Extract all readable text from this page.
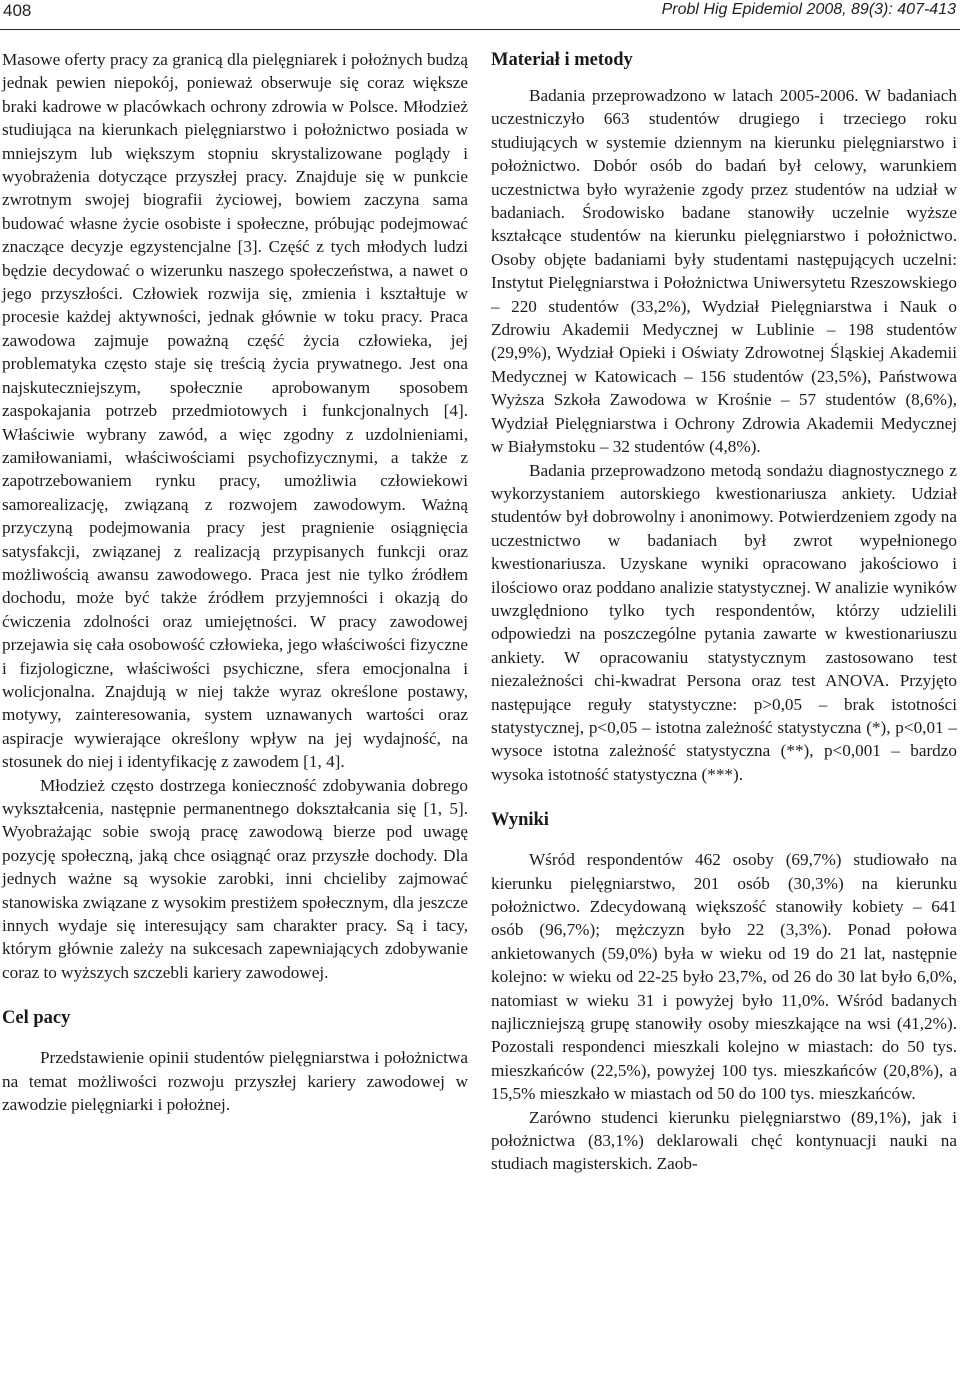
408	Probl Hig Epidemiol 2008, 89(3): 407-413

Masowe oferty pracy za granicą dla pielęgniarek i położnych budzą jednak pewien niepokój, ponieważ obserwuje się coraz większe braki kadrowe w placówkach ochrony zdrowia w Polsce. Młodzież studiująca na kierunkach pielęgniarstwo i położnictwo posiada w mniejszym lub większym stopniu skrystalizowane poglądy i wyobrażenia dotyczące przyszłej pracy. Znajduje się w punkcie zwrotnym swojej biografii życiowej, bowiem zaczyna sama budować własne życie osobiste i społeczne, próbując podejmować znaczące decyzje egzystencjalne [3]. Część z tych młodych ludzi będzie decydować o wizerunku naszego społeczeństwa, a nawet o jego przyszłości. Człowiek rozwija się, zmienia i kształtuje w procesie każdej aktywności, jednak głównie w toku pracy. Praca zawodowa zajmuje poważną część życia człowieka, jej problematyka często staje się treścią życia prywatnego. Jest ona najskuteczniejszym, społecznie aprobowanym sposobem zaspokajania potrzeb przedmiotowych i funkcjonalnych [4]. Właściwie wybrany zawód, a więc zgodny z uzdolnieniami, zamiłowaniami, właściwościami psychofizycznymi, a także z zapotrzebowaniem rynku pracy, umożliwia człowiekowi samorealizację, związaną z rozwojem zawodowym. Ważną przyczyną podejmowania pracy jest pragnienie osiągnięcia satysfakcji, związanej z realizacją przypisanych funkcji oraz możliwością awansu zawodowego. Praca jest nie tylko źródłem dochodu, może być także źródłem przyjemności i okazją do ćwiczenia zdolności oraz umiejętności. W pracy zawodowej przejawia się cała osobowość człowieka, jego właściwości fizyczne i fizjologiczne, właściwości psychiczne, sfera emocjonalna i wolicjonalna. Znajdują w niej także wyraz określone postawy, motywy, zainteresowania, system uznawanych wartości oraz aspiracje wywierające określony wpływ na jej wydajność, na stosunek do niej i identyfikację z zawodem [1, 4].

Młodzież często dostrzega konieczność zdobywania dobrego wykształcenia, następnie permanentnego dokształcania się [1, 5]. Wyobrażając sobie swoją pracę zawodową bierze pod uwagę pozycję społeczną, jaką chce osiągnąć oraz przyszłe dochody. Dla jednych ważne są wysokie zarobki, inni chcieliby zajmować stanowiska związane z wysokim prestiżem społecznym, dla jeszcze innych wydaje się interesujący sam charakter pracy. Są i tacy, którym głównie zależy na sukcesach zapewniających zdobywanie coraz to wyższych szczebli kariery zawodowej.

Cel pacy

Przedstawienie opinii studentów pielęgniarstwa i położnictwa na temat możliwości rozwoju przyszłej kariery zawodowej w zawodzie pielęgniarki i położnej.

Materiał i metody

Badania przeprowadzono w latach 2005-2006. W badaniach uczestniczyło 663 studentów drugiego i trzeciego roku studiujących w systemie dziennym na kierunku pielęgniarstwo i położnictwo. Dobór osób do badań był celowy, warunkiem uczestnictwa było wyrażenie zgody przez studentów na udział w badaniach. Środowisko badane stanowiły uczelnie wyższe kształcące studentów na kierunku pielęgniarstwo i położnictwo. Osoby objęte badaniami były studentami następujących uczelni: Instytut Pielęgniarstwa i Położnictwa Uniwersytetu Rzeszowskiego – 220 studentów (33,2%), Wydział Pielęgniarstwa i Nauk o Zdrowiu Akademii Medycznej w Lublinie – 198 studentów (29,9%), Wydział Opieki i Oświaty Zdrowotnej Śląskiej Akademii Medycznej w Katowicach – 156 studentów (23,5%), Państwowa Wyższa Szkoła Zawodowa w Krośnie – 57 studentów (8,6%), Wydział Pielęgniarstwa i Ochrony Zdrowia Akademii Medycznej w Białymstoku – 32 studentów (4,8%).

Badania przeprowadzono metodą sondażu diagnostycznego z wykorzystaniem autorskiego kwestionariusza ankiety. Udział studentów był dobrowolny i anonimowy. Potwierdzeniem zgody na uczestnictwo w badaniach był zwrot wypełnionego kwestionariusza. Uzyskane wyniki opracowano jakościowo i ilościowo oraz poddano analizie statystycznej. W analizie wyników uwzględniono tylko tych respondentów, którzy udzielili odpowiedzi na poszczególne pytania zawarte w kwestionariuszu ankiety. W opracowaniu statystycznym zastosowano test niezależności chi-kwadrat Persona oraz test ANOVA. Przyjęto następujące reguły statystyczne: p>0,05 – brak istotności statystycznej, p<0,05 – istotna zależność statystyczna (*), p<0,01 – wysoce istotna zależność statystyczna (**), p<0,001 – bardzo wysoka istotność statystyczna (***).

Wyniki

Wśród respondentów 462 osoby (69,7%) studiowało na kierunku pielęgniarstwo, 201 osób (30,3%) na kierunku położnictwo. Zdecydowaną większość stanowiły kobiety – 641 osób (96,7%); mężczyzn było 22 (3,3%). Ponad połowa ankietowanych (59,0%) była w wieku od 19 do 21 lat, następnie kolejno: w wieku od 22-25 było 23,7%, od 26 do 30 lat było 6,0%, natomiast w wieku 31 i powyżej było 11,0%. Wśród badanych najliczniejszą grupę stanowiły osoby mieszkające na wsi (41,2%). Pozostali respondenci mieszkali kolejno w miastach: do 50 tys. mieszkańców (22,5%), powyżej 100 tys. mieszkańców (20,8%), a 15,5% mieszkało w miastach od 50 do 100 tys. mieszkańców.

Zarówno studenci kierunku pielęgniarstwo (89,1%), jak i położnictwa (83,1%) deklarowali chęć kontynuacji nauki na studiach magisterskich. Zaob-
